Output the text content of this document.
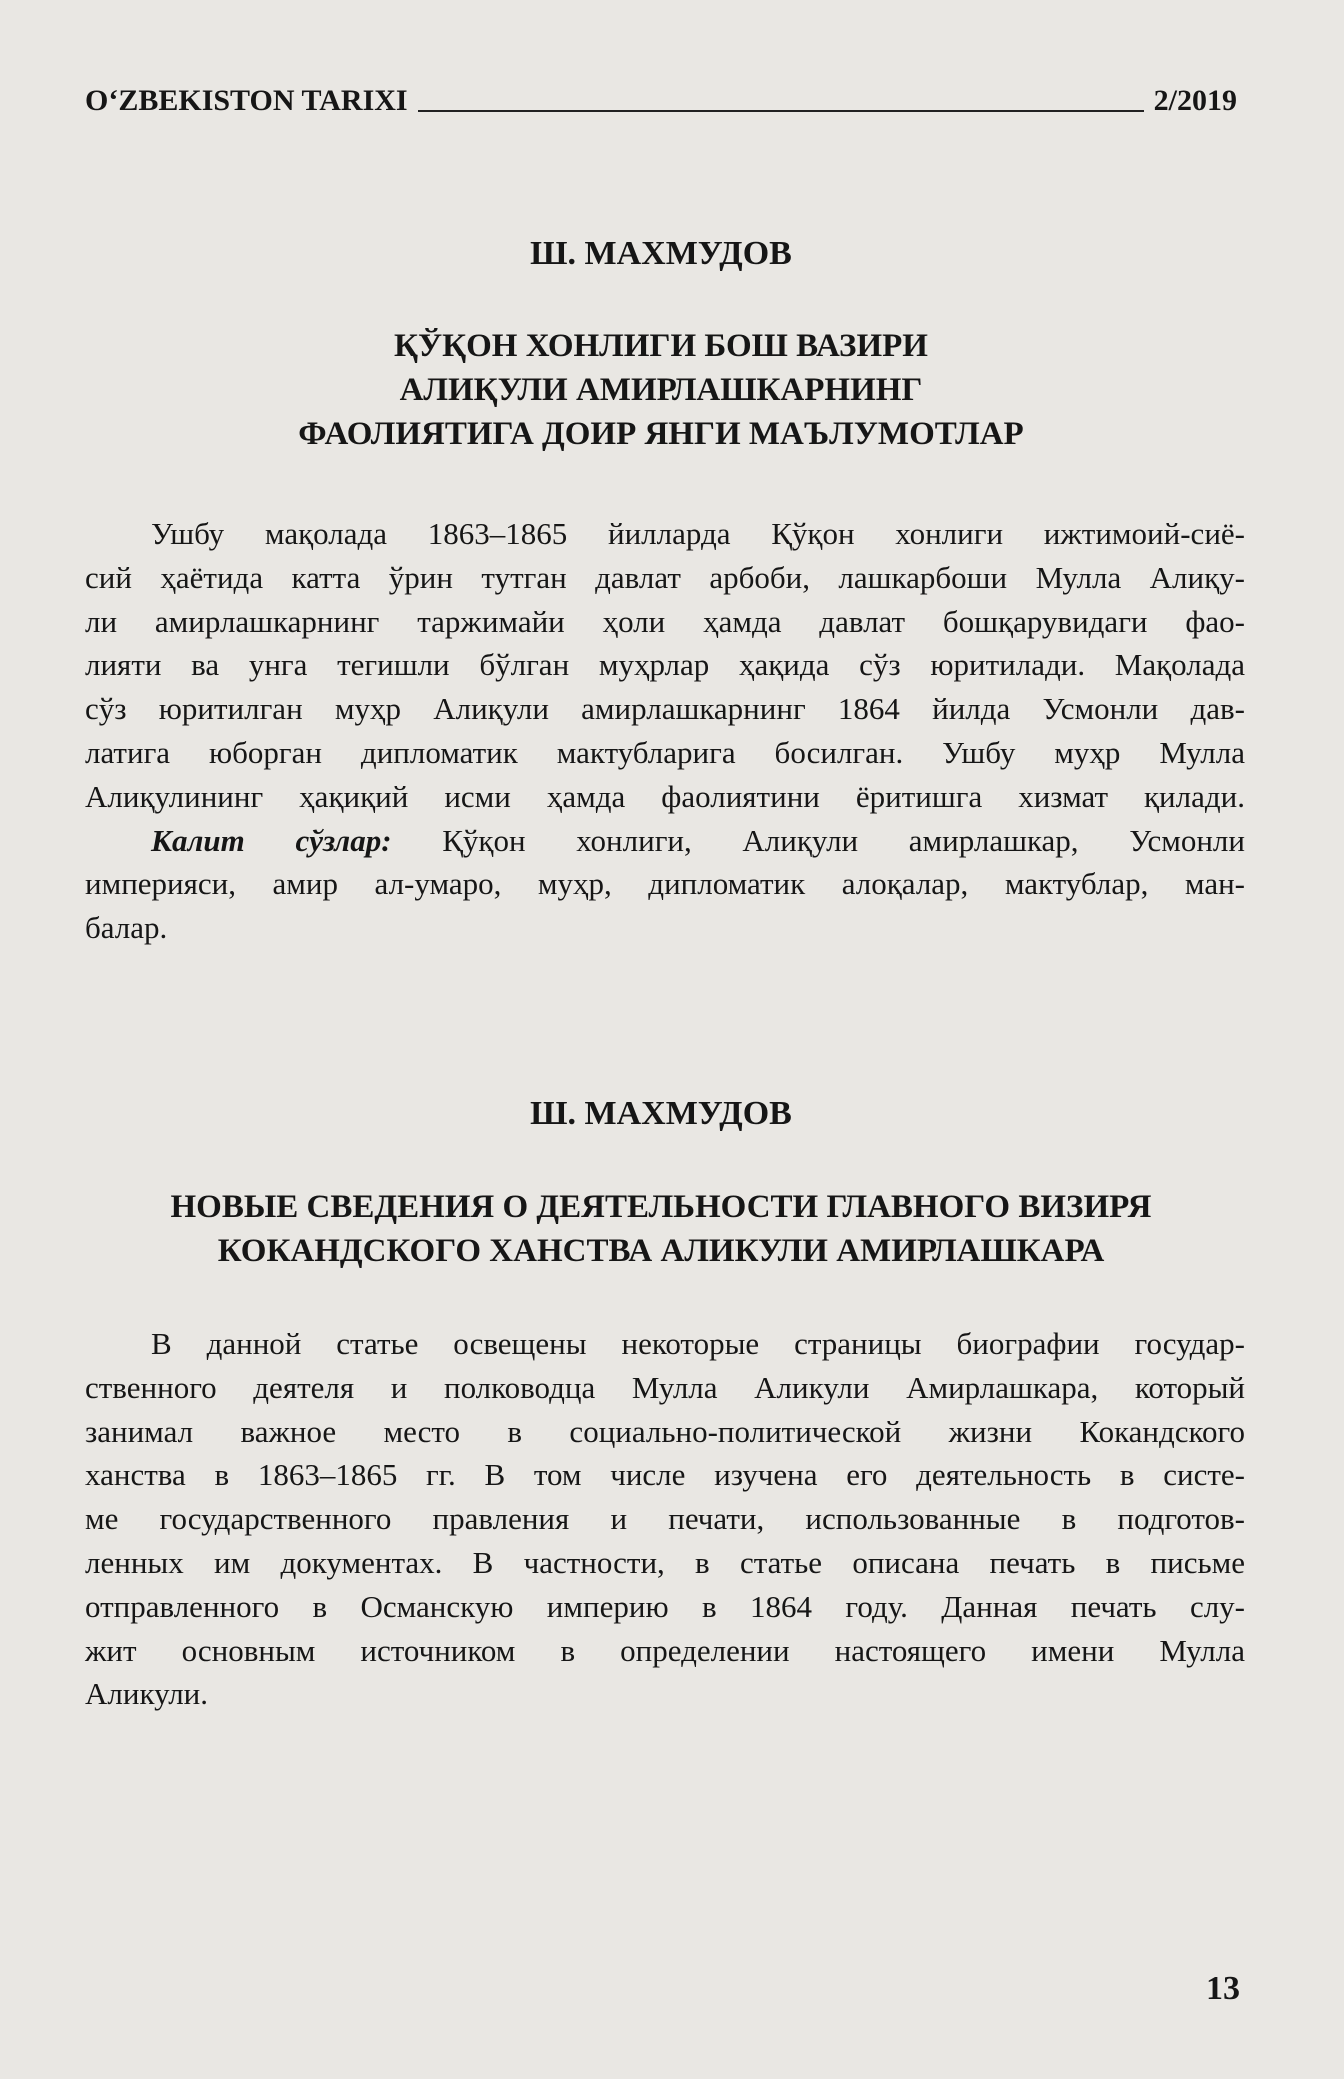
O‘ZBEKISTON TARIXI	2/2019
Ш. МАХМУДОВ
ҚЎҚОН ХОНЛИГИ БОШ ВАЗИРИ
АЛИҚУЛИ АМИРЛАШКАРНИНГ
ФАОЛИЯТИГА ДОИР ЯНГИ МАЪЛУМОТЛАР
Ушбу мақолада 1863–1865 йилларда Қўқон хонлиги ижтимоий-сиё-
сий ҳаётида катта ўрин тутган давлат арбоби, лашкарбоши Мулла Алиқу-
ли амирлашкарнинг таржимайи ҳоли ҳамда давлат бошқарувидаги фао-
лияти ва унга тегишли бўлган муҳрлар ҳақида сўз юритилади. Мақолада
сўз юритилган муҳр Алиқули амирлашкарнинг 1864 йилда Усмонли дав-
латига юборган дипломатик мактубларига босилган. Ушбу муҳр Мулла
Алиқулининг ҳақиқий исми ҳамда фаолиятини ёритишга хизмат қилади.
Калит сўзлар: Қўқон хонлиги, Алиқули амирлашкар, Усмонли
империяси, амир ал-умаро, муҳр, дипломатик алоқалар, мактублар, ман-
балар.
Ш. МАХМУДОВ
НОВЫЕ СВЕДЕНИЯ О ДЕЯТЕЛЬНОСТИ ГЛАВНОГО ВИЗИРЯ
КОКАНДСКОГО ХАНСТВА АЛИКУЛИ АМИРЛАШКАРА
В данной статье освещены некоторые страницы биографии государ-
ственного деятеля и полководца Мулла Аликули Амирлашкара, который
занимал важное место в социально-политической жизни Кокандского
ханства в 1863–1865 гг. В том числе изучена его деятельность в систе-
ме государственного правления и печати, использованные в подготов-
ленных им документах. В частности, в статье описана печать в письме
отправленного в Османскую империю в 1864 году. Данная печать слу-
жит основным источником в определении настоящего имени Мулла
Аликули.
13
